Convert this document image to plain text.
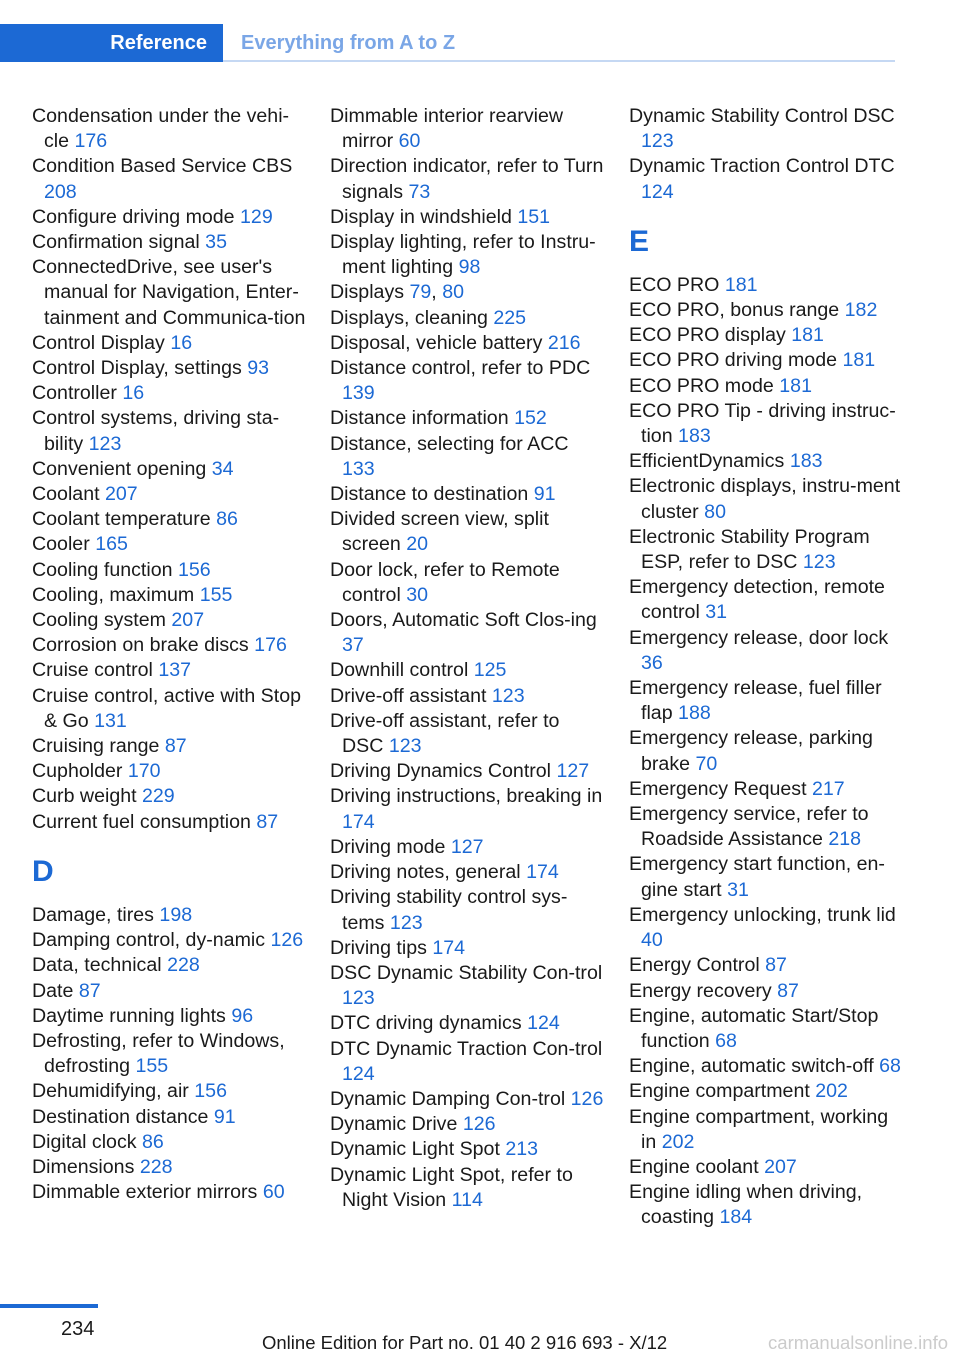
Reference	Everything from A to Z
Condensation under the vehi-cle 176
Condition Based Service CBS 208
Configure driving mode 129
Confirmation signal 35
ConnectedDrive, see user's manual for Navigation, Enter-tainment and Communica-tion
Control Display 16
Control Display, settings 93
Controller 16
Control systems, driving sta-bility 123
Convenient opening 34
Coolant 207
Coolant temperature 86
Cooler 165
Cooling function 156
Cooling, maximum 155
Cooling system 207
Corrosion on brake discs 176
Cruise control 137
Cruise control, active with Stop & Go 131
Cruising range 87
Cupholder 170
Curb weight 229
Current fuel consumption 87
D
Damage, tires 198
Damping control, dy-namic 126
Data, technical 228
Date 87
Daytime running lights 96
Defrosting, refer to Windows, defrosting 155
Dehumidifying, air 156
Destination distance 91
Digital clock 86
Dimensions 228
Dimmable exterior mirrors 60
Dimmable interior rearview mirror 60
Direction indicator, refer to Turn signals 73
Display in windshield 151
Display lighting, refer to Instru-ment lighting 98
Displays 79, 80
Displays, cleaning 225
Disposal, vehicle battery 216
Distance control, refer to PDC 139
Distance information 152
Distance, selecting for ACC 133
Distance to destination 91
Divided screen view, split screen 20
Door lock, refer to Remote control 30
Doors, Automatic Soft Clos-ing 37
Downhill control 125
Drive-off assistant 123
Drive-off assistant, refer to DSC 123
Driving Dynamics Control 127
Driving instructions, breaking in 174
Driving mode 127
Driving notes, general 174
Driving stability control sys-tems 123
Driving tips 174
DSC Dynamic Stability Con-trol 123
DTC driving dynamics 124
DTC Dynamic Traction Con-trol 124
Dynamic Damping Con-trol 126
Dynamic Drive 126
Dynamic Light Spot 213
Dynamic Light Spot, refer to Night Vision 114
Dynamic Stability Control DSC 123
Dynamic Traction Control DTC 124
E
ECO PRO 181
ECO PRO, bonus range 182
ECO PRO display 181
ECO PRO driving mode 181
ECO PRO mode 181
ECO PRO Tip - driving instruc-tion 183
EfficientDynamics 183
Electronic displays, instru-ment cluster 80
Electronic Stability Program ESP, refer to DSC 123
Emergency detection, remote control 31
Emergency release, door lock 36
Emergency release, fuel filler flap 188
Emergency release, parking brake 70
Emergency Request 217
Emergency service, refer to Roadside Assistance 218
Emergency start function, en-gine start 31
Emergency unlocking, trunk lid 40
Energy Control 87
Energy recovery 87
Engine, automatic Start/Stop function 68
Engine, automatic switch-off 68
Engine compartment 202
Engine compartment, working in 202
Engine coolant 207
Engine idling when driving, coasting 184
234
Online Edition for Part no. 01 40 2 916 693 - X/12	carmanualsonline.info
